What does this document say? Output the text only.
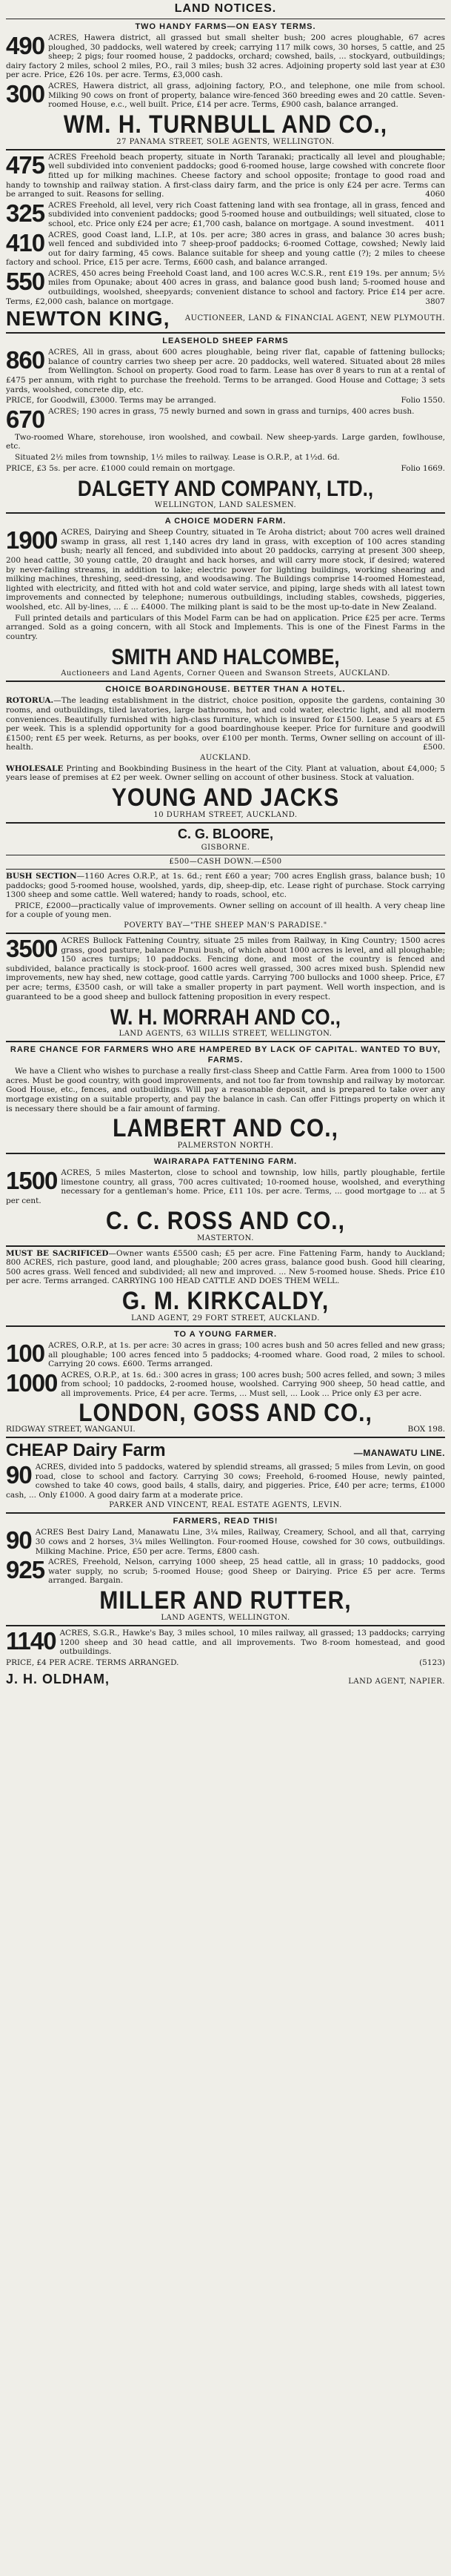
LAND NOTICES.
TWO HANDY FARMS—ON EASY TERMS.

490 ACRES, Hawera district, all grassed but small shelter bush; 200 acres ploughable, 67 acres ploughed, 30 paddocks, well watered by creek; carrying 117 milk cows, 30 horses, 5 cattle, and 25 sheep; 2 pigs; four roomed house, 2 paddocks, orchard; cowshed, bails, ... stockyard, outbuildings; dairy factory 2 miles, school 2 miles, P.O., rail 3 miles; bush 32 acres. Adjoining property sold last year at £30 per acre. Price, £26 10s. per acre. Terms, £3,000 cash.

300 ACRES, Hawera district, all grass, adjoining factory, P.O., and telephone, one mile from school. Milking 90 cows on front of property, balance wire-fenced 360 breeding ewes and 20 cattle. Seven-roomed House, e.c., well built. Price, £14 per acre. Terms, £900 cash, balance arranged.

WM. H. TURNBULL AND CO.,
27 PANAMA STREET, SOLE AGENTS, WELLINGTON.

475 ACRES Freehold beach property, situate in North Taranaki; practically all level and ploughable; well subdivided into convenient paddocks; good 6-roomed house, large cowshed with concrete floor fitted up for milking machines. Cheese factory and school opposite; frontage to good road and handy to township and railway station. A first-class dairy farm, and the price is only £24 per acre. Terms can be arranged to suit. Reasons for selling.	4060

325 ACRES Freehold, all level, very rich Coast fattening land with sea frontage, all in grass, fenced and subdivided into convenient paddocks; good 5-roomed house and outbuildings; well situated, close to school, etc. Price only £24 per acre; £1,700 cash, balance on mortgage. A sound investment. 4011

410 ACRES, good Coast land, L.I.P., at 10s. per acre; 380 acres in grass, and balance 30 acres bush; well fenced and subdivided into 7 sheep-proof paddocks; 6-roomed Cottage, cowshed; Newly laid out for dairy farming, 45 cows. Balance suitable for sheep and young cattle (?); 2 miles to cheese factory and school. Price, £15 per acre. Terms, £600 cash, and balance arranged.

550 ACRES, 450 acres being Freehold Coast land, and 100 acres W.C.S.R., rent £19 19s. per annum; 5½ miles from Opunake; about 400 acres in grass, and balance good bush land; 5-roomed house and outbuildings, woolshed, sheepyards; convenient distance to school and factory. Price £14 per acre. Terms, £2,000 cash, balance on mortgage.	3807

NEWTON KING, AUCTIONEER, LAND & FINANCIAL AGENT, NEW PLYMOUTH.
LEASEHOLD SHEEP FARMS

860 ACRES, All in grass, about 600 acres ploughable, being river flat, capable of fattening bullocks; balance of country carries two sheep per acre. 20 paddocks, well watered. Situated about 28 miles from Wellington. School on property. Good road to farm. Lease has over 8 years to run at a rental of £475 per annum, with right to purchase the freehold. Terms to be arranged. Good House and Cottage; 3 sets yards, woolshed, concrete dip, etc.

PRICE, for Goodwill, £3000. Terms may be arranged.	Folio 1550.

670 ACRES; 190 acres in grass, 75 newly burned and sown in grass and turnips, 400 acres bush.

Two-roomed Whare, storehouse, iron woolshed, and cowbail. New sheep-yards. Large garden, fowlhouse, etc.

Situated 2½ miles from township, 1½ miles to railway. Lease is O.R.P., at 1½d. 6d.

PRICE, £3 5s. per acre. £1000 could remain on mortgage.	Folio 1669.
DALGETY AND COMPANY, LTD.,
WELLINGTON, LAND SALESMEN.
A CHOICE MODERN FARM.

1900 ACRES, Dairying and Sheep Country, situated in Te Aroha district; about 700 acres well drained swamp in grass, all rest 1,140 acres dry land in grass, with exception of 100 acres standing bush; nearly all fenced, and subdivided into about 20 paddocks, carrying at present 300 sheep, 200 head cattle, 30 young cattle, 20 draught and hack horses, and will carry more stock, if desired; watered by never-failing streams, in addition to lake; electric power for lighting buildings, working shearing and milking machines, threshing, seed-dressing, and woodsawing. The Buildings comprise 14-roomed Homestead, lighted with electricity, and fitted with hot and cold water service, and piping, large sheds with all latest town improvements and connected by telephone; numerous outbuildings, including stables, cowsheds, piggeries, woolshed, etc. All by-lines, ... £ ... £4000. The milking plant is said to be the most up-to-date in New Zealand.

Full printed details and particulars of this Model Farm can be had on application. Price £25 per acre. Terms arranged. Sold as a going concern, with all Stock and Implements. This is one of the Finest Farms in the country.

SMITH AND HALCOMBE,
Auctioneers and Land Agents, Corner Queen and Swanson Streets, AUCKLAND.
CHOICE BOARDINGHOUSE. BETTER THAN A HOTEL.

ROTORUA.—The leading establishment in the district, choice position, opposite the gardens, containing 30 rooms, and outbuildings, tiled lavatories, large bathrooms, hot and cold water, electric light, and all modern conveniences. Beautifully furnished with high-class furniture, which is insured for £1500. Lease 5 years at £5 per week. This is a splendid opportunity for a good boardinghouse keeper. Price for furniture and goodwill £1500; rent £5 per week. Returns, as per books, over £100 per month. Terms, Owner selling on account of ill-health.	£500.

AUCKLAND.

WHOLESALE Printing and Bookbinding Business in the heart of the City. Plant at valuation, about £4,000; 5 years lease of premises at £2 per week. Owner selling on account of other business. Stock at valuation.

YOUNG AND JACKS
10 DURHAM STREET, AUCKLAND.
C. G. BLOORE,
GISBORNE.
£500—CASH DOWN.—£500

BUSH SECTION—1160 Acres O.R.P., at 1s. 6d.; rent £60 a year; 700 acres English grass, balance bush; 10 paddocks; good 5-roomed house, woolshed, yards, dip, sheep-dip, etc. Lease right of purchase. Stock carrying 1300 sheep and some cattle. Well watered; handy to roads, school, etc.

PRICE, £2000—practically value of improvements. Owner selling on account of ill health. A very cheap line for a couple of young men.

POVERTY BAY—"THE SHEEP MAN'S PARADISE."

3500 ACRES Bullock Fattening Country, situate 25 miles from Railway, in King Country; 1500 acres grass, good pasture, balance Punui bush, of which about 1000 acres is level, and all ploughable; 150 acres turnips; 10 paddocks. Fencing done, and most of the country is fenced and subdivided, balance practically is stock-proof. 1600 acres well grassed, 300 acres mixed bush. Splendid new improvements, new hay shed, new cottage, good cattle yards. Carrying 700 bullocks and 1000 sheep. Price, £7 per acre; terms, £3500 cash, or will take a smaller property in part payment. Well worth inspection, and is guaranteed to be a good sheep and bullock fattening proposition in every respect.

W. H. MORRAH AND CO.,
LAND AGENTS, 63 WILLIS STREET, WELLINGTON.
RARE CHANCE FOR FARMERS WHO ARE HAMPERED BY LACK OF CAPITAL. WANTED TO BUY, FARMS.

We have a Client who wishes to purchase a really first-class Sheep and Cattle Farm. Area from 1000 to 1500 acres. Must be good country, with good improvements, and not too far from township and railway by motorcar. Good House, etc., fences, and outbuildings. Will pay a reasonable deposit, and is prepared to take over any mortgage existing on a suitable property, and pay the balance in cash. Can offer Fittings property on which it is necessary there should be a fair amount of farming.

LAMBERT AND CO.,
PALMERSTON NORTH.
WAIRARAPA FATTENING FARM.

1500 ACRES, 5 miles Masterton, close to school and township, low hills, partly ploughable, fertile limestone country, all grass, 700 acres cultivated; 10-roomed house, woolshed, and everything necessary for a gentleman's home. Price, £11 10s. per acre. Terms, ... good mortgage to ... at 5 per cent.

C. C. ROSS AND CO.,
MASTERTON.

MUST BE SACRIFICED—Owner wants £5500 cash; £5 per acre. Fine Fattening Farm, handy to Auckland; 800 ACRES, rich pasture, good land, and ploughable; 200 acres grass, balance good bush. Good hill clearing, 500 acres grass. Well fenced and subdivided; all new and improved. ... New 5-roomed house. Sheds. Price £10 per acre. Terms arranged. CARRYING 100 HEAD CATTLE AND DOES THEM WELL.

G. M. KIRKCALDY,
LAND AGENT, 29 FORT STREET, AUCKLAND.
TO A YOUNG FARMER.

100 ACRES, O.R.P., at 1s. per acre: 30 acres in grass; 100 acres bush and 50 acres felled and new grass; all ploughable; 100 acres fenced into 5 paddocks; 4-roomed whare. Good road, 2 miles to school. Carrying 20 cows. £600. Terms arranged.

1000 ACRES, O.R.P., at 1s. 6d.: 300 acres in grass; 100 acres bush; 500 acres felled, and sown; 3 miles from school; 10 paddocks, 2-roomed house, woolshed. Carrying 900 sheep, 50 head cattle, and all improvements. Price, £4 per acre. Terms, ... Must sell, ... Look ... Price only £3 per acre.

LONDON, GOSS AND CO.,
RIDGWAY STREET, WANGANUI.	BOX 198.
CHEAP Dairy Farm	—MANAWATU LINE.

90 ACRES, divided into 5 paddocks, watered by splendid streams, all grassed; 5 miles from Levin, on good road, close to school and factory. Carrying 30 cows; Freehold, 6-roomed House, newly painted, cowshed to take 40 cows, good bails, 4 stalls, dairy, and piggeries. Price, £40 per acre; terms, £1000 cash, ... Only £1000. A good dairy farm at a moderate price.

PARKER AND VINCENT, REAL ESTATE AGENTS, LEVIN.
FARMERS, READ THIS!

90 ACRES Best Dairy Land, Manawatu Line, 3¼ miles, Railway, Creamery, School, and all that, carrying 30 cows and 2 horses, 3¼ miles Wellington. Four-roomed House, cowshed for 30 cows, outbuildings. Milking Machine. Price, £50 per acre. Terms, £800 cash.

925 ACRES, Freehold, Nelson, carrying 1000 sheep, 25 head cattle, all in grass; 10 paddocks, good water supply, no scrub; 5-roomed House; good Sheep or Dairying. Price £5 per acre. Terms arranged. Bargain.

MILLER AND RUTTER,
LAND AGENTS, WELLINGTON.

1140 ACRES, S.G.R., Hawke's Bay, 3 miles school, 10 miles railway, all grassed; 13 paddocks; carrying 1200 sheep and 30 head cattle, and all improvements. Two 8-room homestead, and good outbuildings.

PRICE, £4 PER ACRE. TERMS ARRANGED.	(5123)
J. H. OLDHAM,	LAND AGENT, NAPIER.
